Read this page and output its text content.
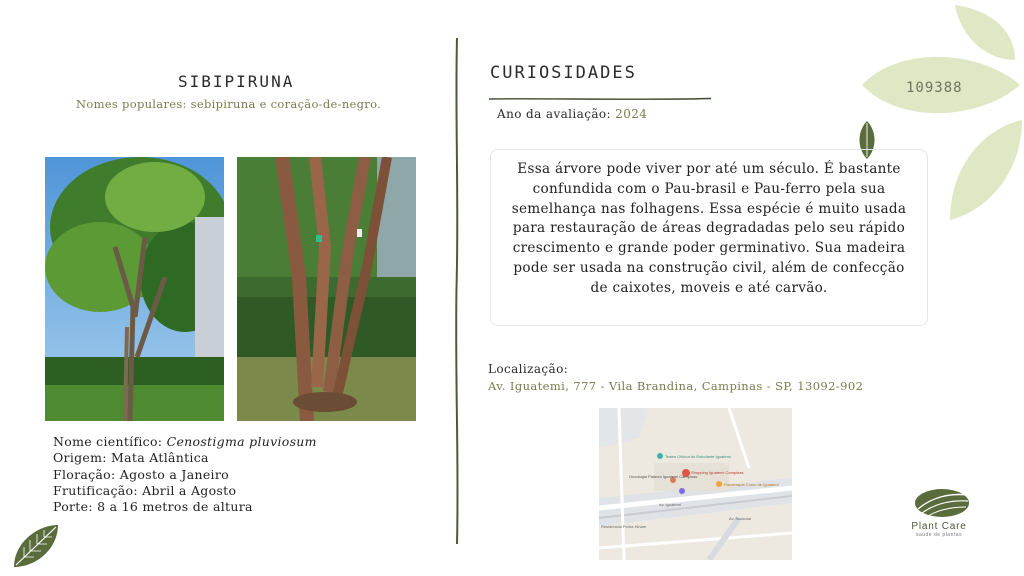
SIBIPIRUNA
Nomes populares: sebipiruna e coração-de-negro.
Nome científico: Cenostigma pluviosum
Origem: Mata Atlântica
Floração: Agosto a Janeiro
Frutificação: Abril a Agosto
Porte: 8 a 16 metros de altura
CURIOSIDADES
Ano da avaliação: 2024
Essa árvore pode viver por até um século. É bastante confundida com o Pau-brasil e Pau-ferro pela sua semelhança nas folhagens. Essa espécie é muito usada para restauração de áreas degradadas pelo seu rápido crescimento e grande poder germinativo. Sua madeira pode ser usada na construção civil, além de confecção de caixotes, moveis e até carvão.
Localização:
Av. Iguatemi, 777 - Vila Brandina, Campinas - SP, 13092-902
Teatro Oficina do Estudante Iguatemi
Shopping Iguatemi Campinas
Oncologia Palavra Iguatemi Campinas
Fisioterapia Curso de Iguatemi
Av. Iguatemi
Av. Nacional
Residencial Pedra Hinam
109388
Plant Care
saúde de plantas
